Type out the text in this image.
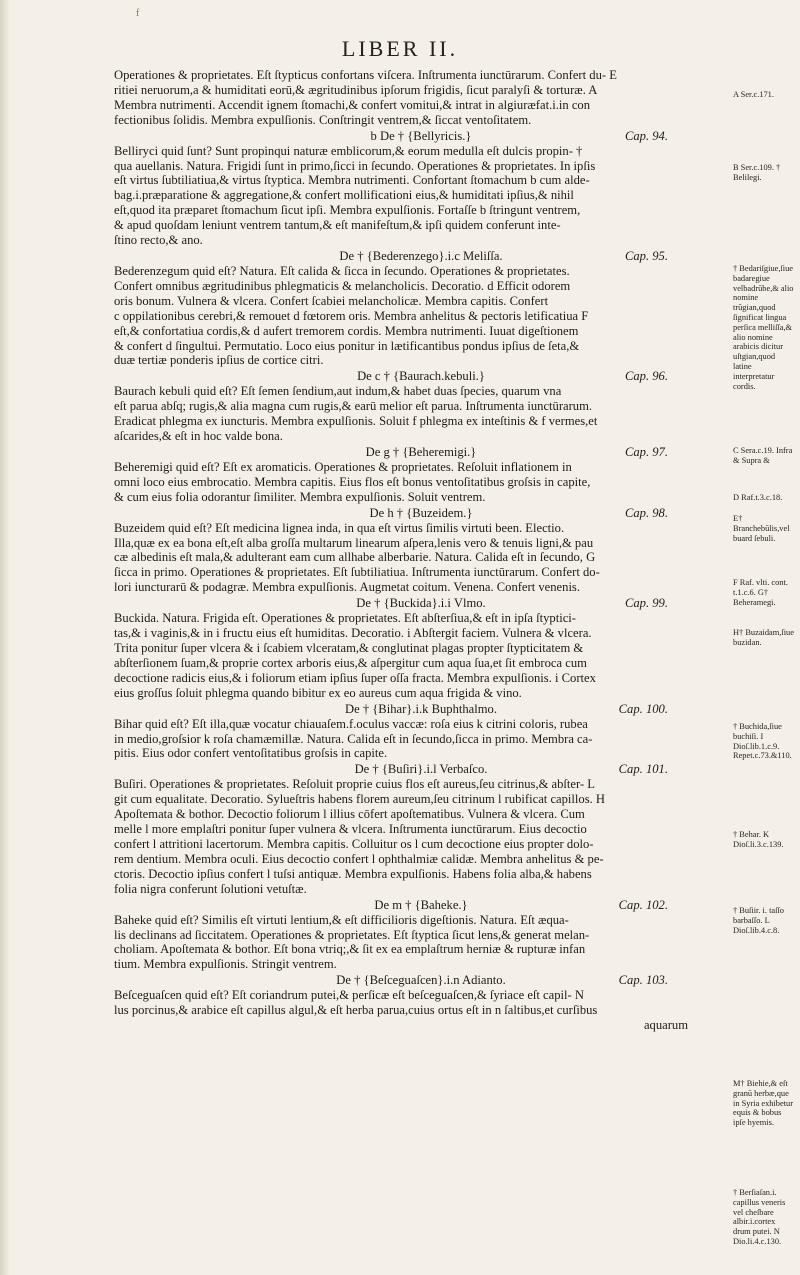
f
LIBER II.

Operationes & proprietates. Eſt ſtypticus confortans viſcera. Inſtrumenta iunctūrarum. Confert du- E

ritiei neruorum,a & humiditati eorū,& ægritudinibus ipſorum frigidis, ſicut paralyſi & torturæ. A

Membra nutrimenti. Accendit ignem ſtomachi,& confert vomitui,& intrat in algiuræfat.i.in con

fectionibus ſolidis. Membra expulſionis. Conſtringit ventrem,& ſiccat ventoſitatem.

b De † {Bellyricis.}	Cap. 94.

Belliryci quid ſunt? Sunt propinqui naturæ emblicorum,& eorum medulla eſt dulcis propin- †

qua auellanis. Natura. Frigidi ſunt in primo,ſicci in ſecundo. Operationes & proprietates. In ipſis

eſt virtus ſubtiliatiua,& virtus ſtyptica. Membra nutrimenti. Confortant ſtomachum b cum alde-

bag.i.præparatione & aggregatione,& confert mollificationi eius,& humiditati ipſius,& nihil

eſt,quod ita præparet ſtomachum ſicut ipſi. Membra expulſionis. Fortaſſe b ſtringunt ventrem,

& apud quoſdam leniunt ventrem tantum,& eſt manifeſtum,& ipſi quidem conferunt inte-

ſtino recto,& ano.

De † {Bederenzego}.i.c Meliſſa.	Cap. 95.

Bederenzegum quid eſt? Natura. Eſt calida & ſicca in ſecundo. Operationes & proprietates.

Confert omnibus ægritudinibus phlegmaticis & melancholicis. Decoratio. d Efficit odorem

oris bonum. Vulnera & vlcera. Confert ſcabiei melancholicæ. Membra capitis. Confert

c oppilationibus cerebri,& remouet d fœtorem oris. Membra anhelitus & pectoris letificatiua F

eſt,& confortatiua cordis,& d aufert tremorem cordis. Membra nutrimenti. Iuuat digeſtionem

& confert d ſingultui. Permutatio. Loco eius ponitur in lætificantibus pondus ipſius de ſeta,&

duæ tertiæ ponderis ipſius de cortice citri.

De c † {Baurach.kebuli.}	Cap. 96.

Baurach kebuli quid eſt? Eſt ſemen ſendium,aut indum,& habet duas ſpecies, quarum vna

eſt parua abſq; rugis,& alia magna cum rugis,& earū melior eſt parua. Inſtrumenta iunctūrarum.

Eradicat phlegma ex iuncturis. Membra expulſionis. Soluit f phlegma ex inteſtinis & f vermes,et

aſcarides,& eſt in hoc valde bona.

De g † {Beheremigi.}	Cap. 97.

Beheremigi quid eſt? Eſt ex aromaticis. Operationes & proprietates. Reſoluit inflationem in

omni loco eius embrocatio. Membra capitis. Eius flos eſt bonus ventoſitatibus groſsis in capite,

& cum eius folia odorantur ſimiliter. Membra expulſionis. Soluit ventrem.

De h † {Buzeidem.}	Cap. 98.

Buzeidem quid eſt? Eſt medicina lignea inda, in qua eſt virtus ſimilis virtuti been. Electio.

Illa,quæ ex ea bona eſt,eſt alba groſſa multarum linearum aſpera,lenis vero & tenuis ligni,& pau

cæ albedinis eſt mala,& adulterant eam cum allhabe alberbarie. Natura. Calida eſt in ſecundo, G

ſicca in primo. Operationes & proprietates. Eſt ſubtiliatiua. Inſtrumenta iunctūrarum. Confert do-

lori iuncturarū & podagræ. Membra expulſionis. Augmetat coitum. Venena. Confert venenis.

De † {Buckida}.i.i Vlmo.	Cap. 99.

Buckida. Natura. Frigida eſt. Operationes & proprietates. Eſt abſterſiua,& eſt in ipſa ſtyptici-

tas,& i vaginis,& in i fructu eius eſt humiditas. Decoratio. i Abſtergit faciem. Vulnera & vlcera.

Trita ponitur ſuper vlcera & i ſcabiem vlceratam,& conglutinat plagas propter ſtypticitatem &

abſterſionem ſuam,& proprie cortex arboris eius,& aſpergitur cum aqua ſua,et ſit embroca cum

decoctione radicis eius,& i foliorum etiam ipſius ſuper oſſa fracta. Membra expulſionis. i Cortex

eius groſſus ſoluit phlegma quando bibitur ex eo aureus cum aqua frigida & vino.

De † {Bihar}.i.k Buphthalmo.	Cap. 100.

Bihar quid eſt? Eſt illa,quæ vocatur chiauaſem.f.oculus vaccæ: roſa eius k citrini coloris, rubea

in medio,groſsior k roſa chamæmillæ. Natura. Calida eſt in ſecundo,ſicca in primo. Membra ca-

pitis. Eius odor confert ventoſitatibus groſsis in capite.

De † {Buſiri}.i.l Verbaſco.	Cap. 101.

Buſiri. Operationes & proprietates. Reſoluit proprie cuius flos eſt aureus,ſeu citrinus,& abſter- L

git cum equalitate. Decoratio. Sylueſtris habens florem aureum,ſeu citrinum l rubificat capillos. H

Apoſtemata & bothor. Decoctio foliorum l illius cōfert apoſtematibus. Vulnera & vlcera. Cum

melle l more emplaſtri ponitur ſuper vulnera & vlcera. Inſtrumenta iunctūrarum. Eius decoctio

confert l attritioni lacertorum. Membra capitis. Colluitur os l cum decoctione eius propter dolo-

rem dentium. Membra oculi. Eius decoctio confert l ophthalmiæ calidæ. Membra anhelitus & pe-

ctoris. Decoctio ipſius confert l tuſsi antiquæ. Membra expulſionis. Habens folia alba,& habens

folia nigra conferunt ſolutioni vetuſtæ.

De m † {Baheke.}	Cap. 102.

Baheke quid eſt? Similis eſt virtuti lentium,& eſt difficilioris digeſtionis. Natura. Eſt æqua-

lis declinans ad ſiccitatem. Operationes & proprietates. Eſt ſtyptica ſicut lens,& generat melan-

choliam. Apoſtemata & bothor. Eſt bona vtriq;,& ſit ex ea emplaſtrum herniæ & rupturæ infan

tium. Membra expulſionis. Stringit ventrem.

De † {Beſceguaſcen}.i.n Adianto.	Cap. 103.

Beſceguaſcen quid eſt? Eſt coriandrum putei,& perſicæ eſt beſceguaſcen,& ſyriace eſt capil- N

lus porcinus,& arabice eſt capillus algul,& eſt herba parua,cuius ortus eſt in n ſaltibus,et curſibus

aquarum

A Ser.c.171.
B Ser.c.109. † Belilegi.
† Bedariſgiue,ſiue badaregiue velbadrūbe,& alio nomine trūgian,quod ſignificat lingua perſica melliſſa,& alio nomine arabicis dicitur uſtgian,quod latine interpretatur cordis.
C Sera.c.19. Infra & Supra &
D Raf.t.3.c.18.
E† Branchebūlis,vel buard ſebuli.
F Raf. vlti. cont. t.1.c.6. G† Beheramegi.
H† Buzaidam,ſiue buzidan.
† Buchida,ſiue buchiſi. I Dioſ.lib.1.c.9. Repet.c.73.&110.
† Behar. K Dioſ.li.3.c.139.
† Buſiir. i. taſſo barbaſſo. L Dioſ.lib.4.c.8.
M† Biehie,& eſt granū herbæ,que in Syria exhibetur equis & bobus ipſe hyemis.
† Berſiaſan.i. capillus veneris vel cheſbare albir.i.cortex drum putei. N Dio.li.4.c.130.
